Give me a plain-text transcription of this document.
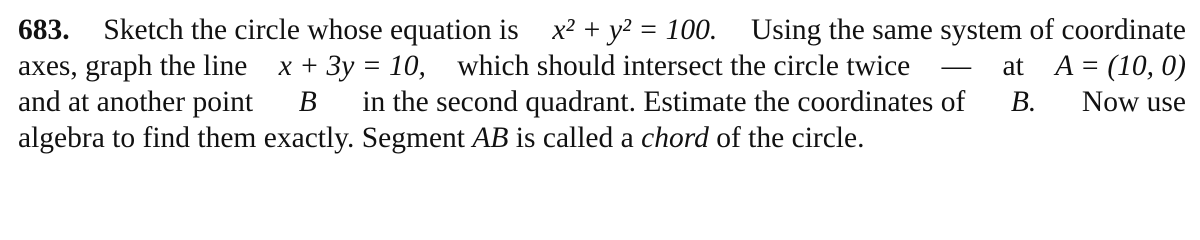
683. Sketch the circle whose equation is x² + y² = 100. Using the same system of coordinate
axes, graph the line x + 3y = 10, which should intersect the circle twice — at A = (10, 0)
and at another point B in the second quadrant. Estimate the coordinates of B. Now use
algebra to find them exactly. Segment
AB
is called a
chord
of the circle.
